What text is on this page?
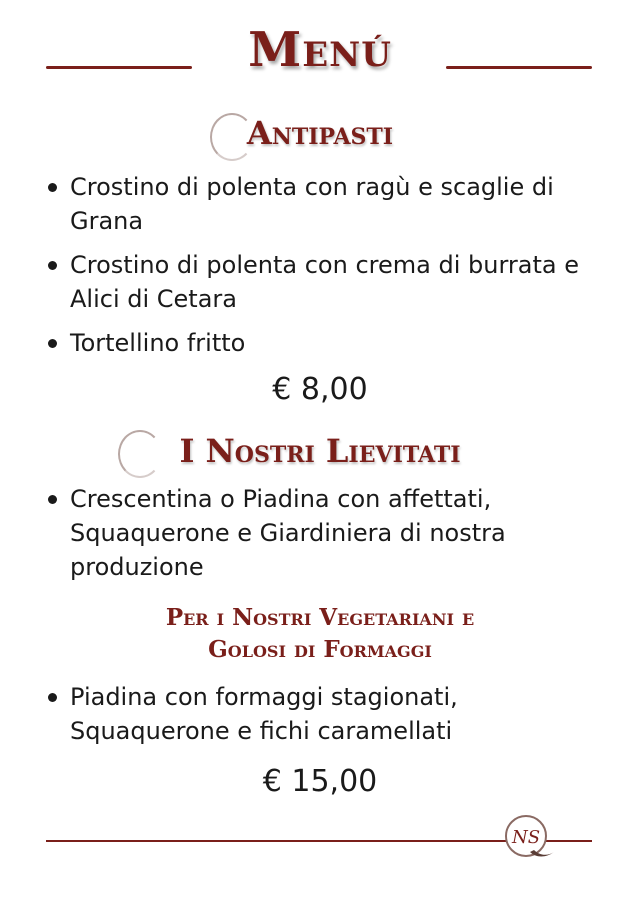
Menú
Antipasti
Crostino di polenta con ragù e scaglie di Grana
Crostino di polenta con crema di burrata e Alici di Cetara
Tortellino fritto
€ 8,00
I Nostri Lievitati
Crescentina o Piadina con affettati, Squaquerone e Giardiniera di nostra produzione
Per i Nostri Vegetariani e
Golosi di Formaggi
Piadina con formaggi stagionati, Squaquerone e fichi caramellati
€ 15,00
NS
